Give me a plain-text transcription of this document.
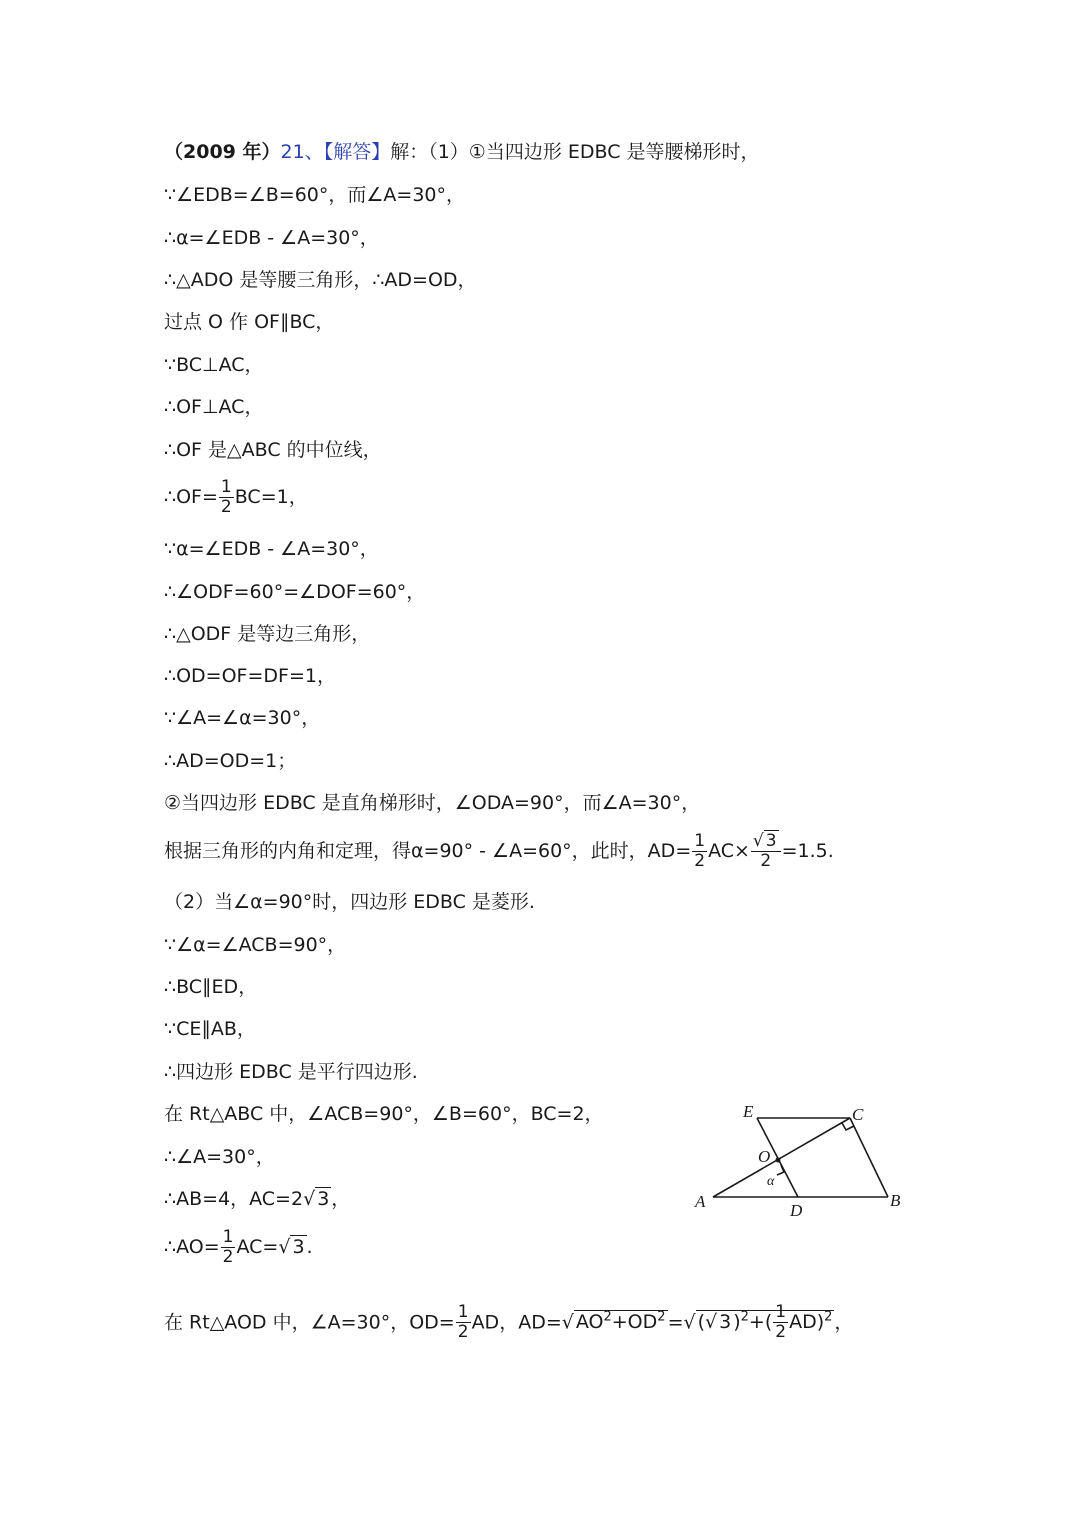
（2009 年）21、【解答】解：（1）①当四边形 EDBC 是等腰梯形时，
∵∠EDB=∠B=60°，而∠A=30°，
∴α=∠EDB - ∠A=30°，
∴△ADO 是等腰三角形，∴AD=OD，
过点 O 作 OF∥BC，
∵BC⊥AC，
∴OF⊥AC，
∴OF 是△ABC 的中位线，
∴OF= $\frac{1}{2} BC=1$，
∵α=∠EDB - ∠A=30°，
∴∠ODF=60°=∠DOF=60°，
∴△ODF 是等边三角形，
∴OD=OF=DF=1，
∵∠A=∠α=30°，
∴AD=OD=1；
②当四边形 EDBC 是直角梯形时，∠ODA=90°，而∠A=30°，
根据三角形的内角和定理，得α=90° - ∠A=60°，此时，$AD= \frac{1}{2} AC\times \frac{√ 3}{2} =1.5$.
（2）当∠α=90°时，四边形 EDBC 是菱形.
∵∠α=∠ACB=90°，
∴BC∥ED，
∵CE∥AB，
∴四边形 EDBC 是平行四边形.
在 Rt△ABC 中，∠ACB=90°，∠B=60°，BC=2，
∴∠A=30°，
∴AB=4，AC=2√ 3 ，
∴AO= $\frac{1}{2} AC=√$ 3 .
在 Rt△AOD 中，∠A=30°，$OD= \frac{1}{2}$ AD，AD=√ $AO^2+OD^2$ =√ (√ 3 )$^2+( \frac{1}{2} AD)^2$ ，
E	C
O
α
A	D
B
